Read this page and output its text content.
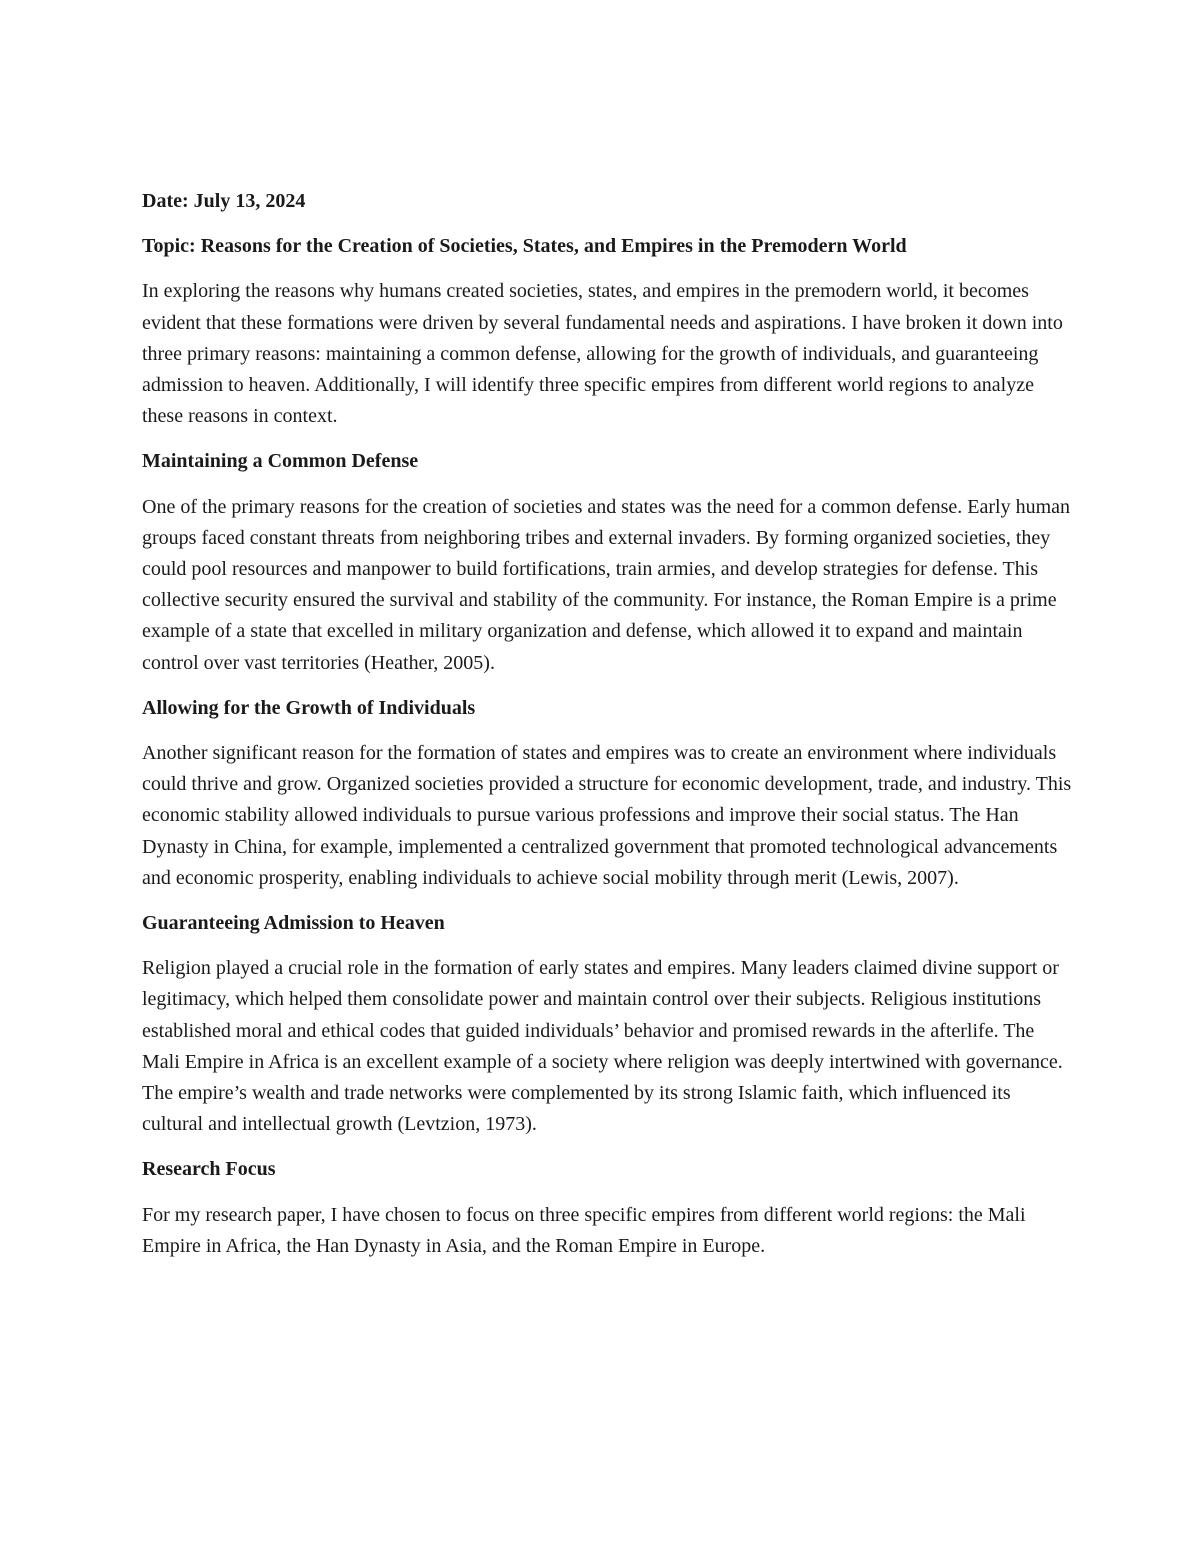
Date: July 13, 2024

Topic: Reasons for the Creation of Societies, States, and Empires in the Premodern World

In exploring the reasons why humans created societies, states, and empires in the premodern world, it becomes evident that these formations were driven by several fundamental needs and aspirations. I have broken it down into three primary reasons: maintaining a common defense, allowing for the growth of individuals, and guaranteeing admission to heaven. Additionally, I will identify three specific empires from different world regions to analyze these reasons in context.

Maintaining a Common Defense

One of the primary reasons for the creation of societies and states was the need for a common defense. Early human groups faced constant threats from neighboring tribes and external invaders. By forming organized societies, they could pool resources and manpower to build fortifications, train armies, and develop strategies for defense. This collective security ensured the survival and stability of the community. For instance, the Roman Empire is a prime example of a state that excelled in military organization and defense, which allowed it to expand and maintain control over vast territories (Heather, 2005).

Allowing for the Growth of Individuals

Another significant reason for the formation of states and empires was to create an environment where individuals could thrive and grow. Organized societies provided a structure for economic development, trade, and industry. This economic stability allowed individuals to pursue various professions and improve their social status. The Han Dynasty in China, for example, implemented a centralized government that promoted technological advancements and economic prosperity, enabling individuals to achieve social mobility through merit (Lewis, 2007).

Guaranteeing Admission to Heaven

Religion played a crucial role in the formation of early states and empires. Many leaders claimed divine support or legitimacy, which helped them consolidate power and maintain control over their subjects. Religious institutions established moral and ethical codes that guided individuals’ behavior and promised rewards in the afterlife. The Mali Empire in Africa is an excellent example of a society where religion was deeply intertwined with governance. The empire’s wealth and trade networks were complemented by its strong Islamic faith, which influenced its cultural and intellectual growth (Levtzion, 1973).

Research Focus

For my research paper, I have chosen to focus on three specific empires from different world regions: the Mali Empire in Africa, the Han Dynasty in Asia, and the Roman Empire in Europe.
